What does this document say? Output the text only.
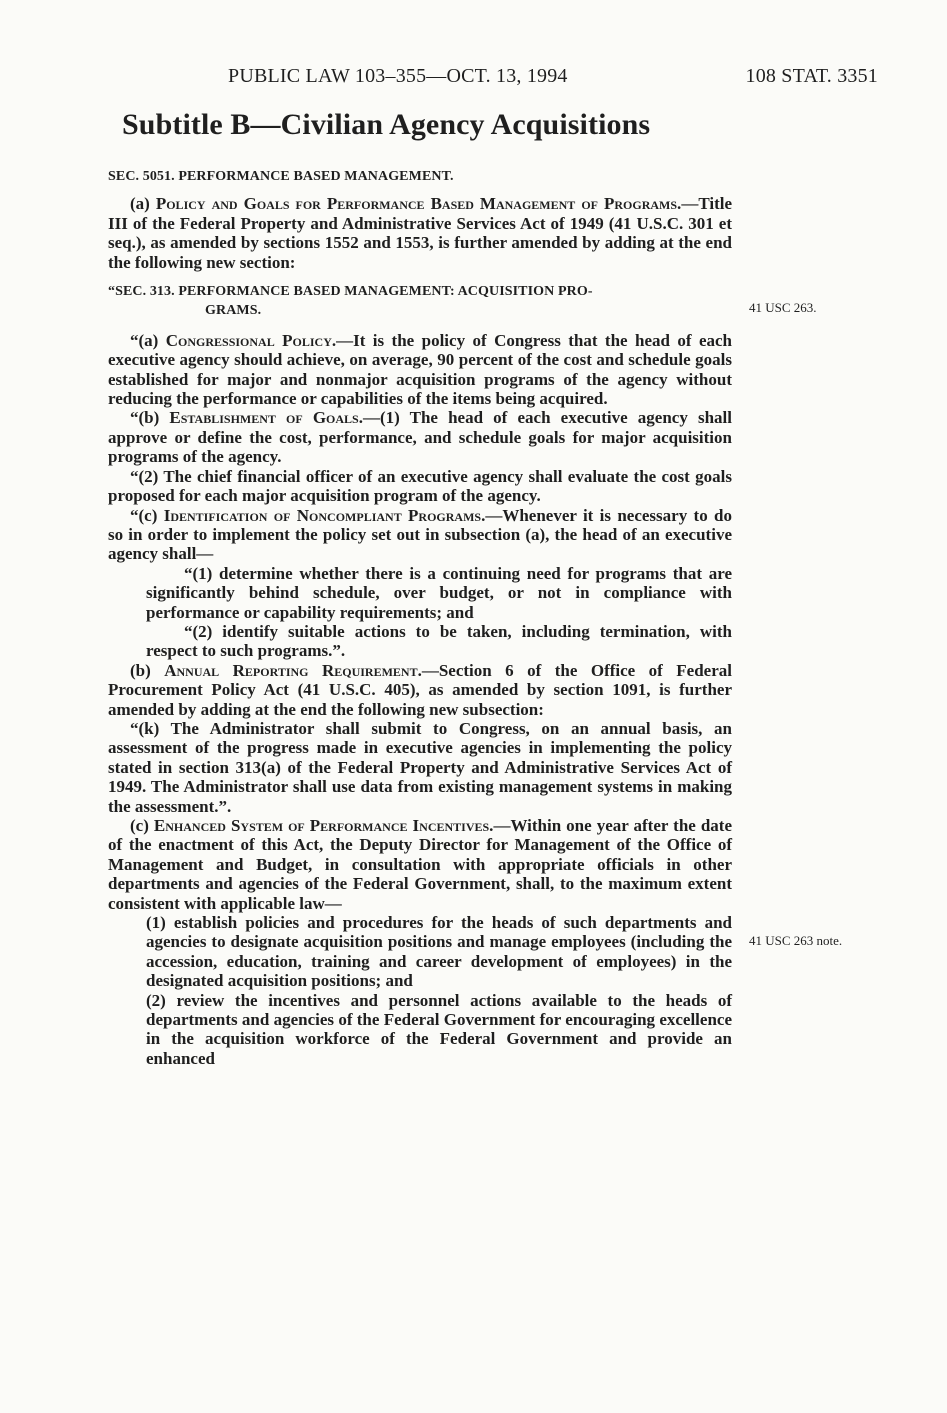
PUBLIC LAW 103–355—OCT. 13, 1994	108 STAT. 3351
Subtitle B—Civilian Agency Acquisitions
41 USC 263.
41 USC 263 note.
SEC. 5051. PERFORMANCE BASED MANAGEMENT.

(a) Policy and Goals for Performance Based Management of Programs.—Title III of the Federal Property and Administrative Services Act of 1949 (41 U.S.C. 301 et seq.), as amended by sections 1552 and 1553, is further amended by adding at the end the following new section:

“SEC. 313. PERFORMANCE BASED MANAGEMENT: ACQUISITION PRO-
GRAMS.

“(a) Congressional Policy.—It is the policy of Congress that the head of each executive agency should achieve, on average, 90 percent of the cost and schedule goals established for major and nonmajor acquisition programs of the agency without reducing the performance or capabilities of the items being acquired.

“(b) Establishment of Goals.—(1) The head of each executive agency shall approve or define the cost, performance, and schedule goals for major acquisition programs of the agency.

“(2) The chief financial officer of an executive agency shall evaluate the cost goals proposed for each major acquisition program of the agency.

“(c) Identification of Noncompliant Programs.—Whenever it is necessary to do so in order to implement the policy set out in subsection (a), the head of an executive agency shall—

“(1) determine whether there is a continuing need for programs that are significantly behind schedule, over budget, or not in compliance with performance or capability requirements; and

“(2) identify suitable actions to be taken, including termination, with respect to such programs.”.

(b) Annual Reporting Requirement.—Section 6 of the Office of Federal Procurement Policy Act (41 U.S.C. 405), as amended by section 1091, is further amended by adding at the end the following new subsection:

“(k) The Administrator shall submit to Congress, on an annual basis, an assessment of the progress made in executive agencies in implementing the policy stated in section 313(a) of the Federal Property and Administrative Services Act of 1949. The Administrator shall use data from existing management systems in making the assessment.”.

(c) Enhanced System of Performance Incentives.—Within one year after the date of the enactment of this Act, the Deputy Director for Management of the Office of Management and Budget, in consultation with appropriate officials in other departments and agencies of the Federal Government, shall, to the maximum extent consistent with applicable law—

(1) establish policies and procedures for the heads of such departments and agencies to designate acquisition positions and manage employees (including the accession, education, training and career development of employees) in the designated acquisition positions; and

(2) review the incentives and personnel actions available to the heads of departments and agencies of the Federal Government for encouraging excellence in the acquisition workforce of the Federal Government and provide an enhanced
